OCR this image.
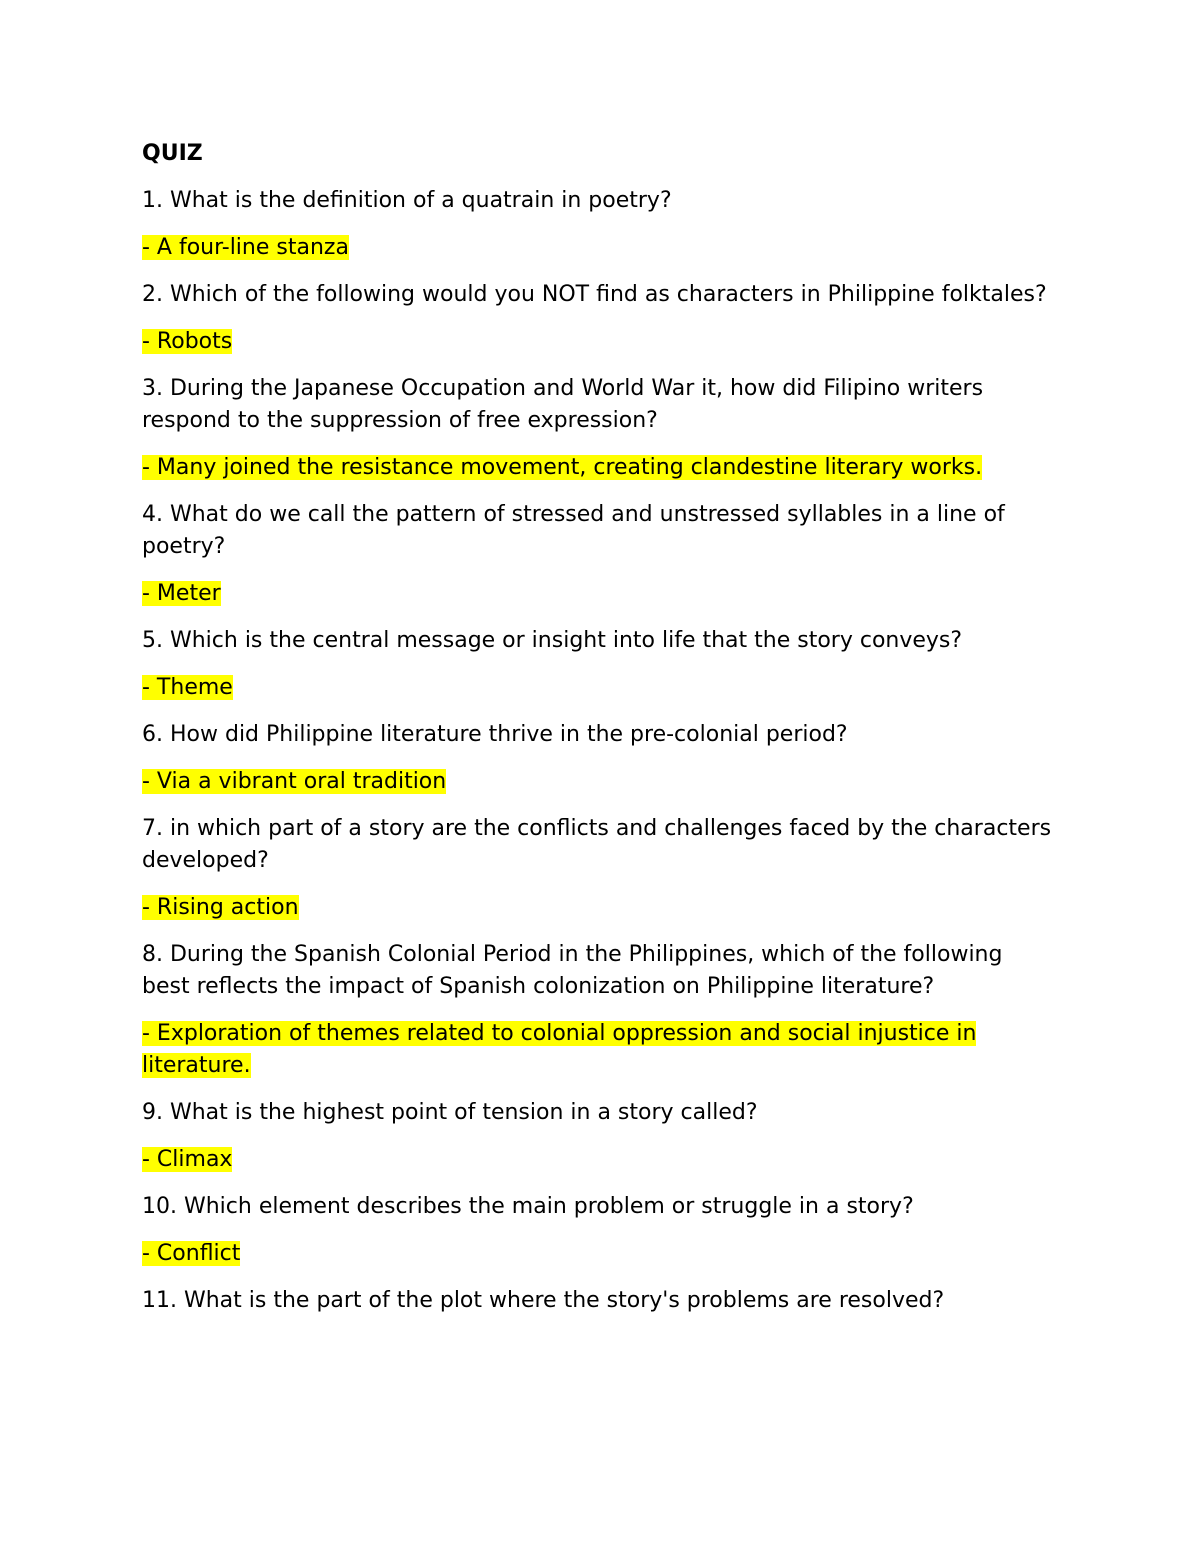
QUIZ
1. What is the definition of a quatrain in poetry?
- A four-line stanza
2. Which of the following would you NOT find as characters in Philippine folktales?
- Robots
3. During the Japanese Occupation and World War it, how did Filipino writers respond to the suppression of free expression?
- Many joined the resistance movement, creating clandestine literary works.
4. What do we call the pattern of stressed and unstressed syllables in a line of poetry?
- Meter
5. Which is the central message or insight into life that the story conveys?
- Theme
6. How did Philippine literature thrive in the pre-colonial period?
- Via a vibrant oral tradition
7. in which part of a story are the conflicts and challenges faced by the characters developed?
- Rising action
8. During the Spanish Colonial Period in the Philippines, which of the following best reflects the impact of Spanish colonization on Philippine literature?
- Exploration of themes related to colonial oppression and social injustice in literature.
9. What is the highest point of tension in a story called?
- Climax
10. Which element describes the main problem or struggle in a story?
- Conflict
11. What is the part of the plot where the story's problems are resolved?
